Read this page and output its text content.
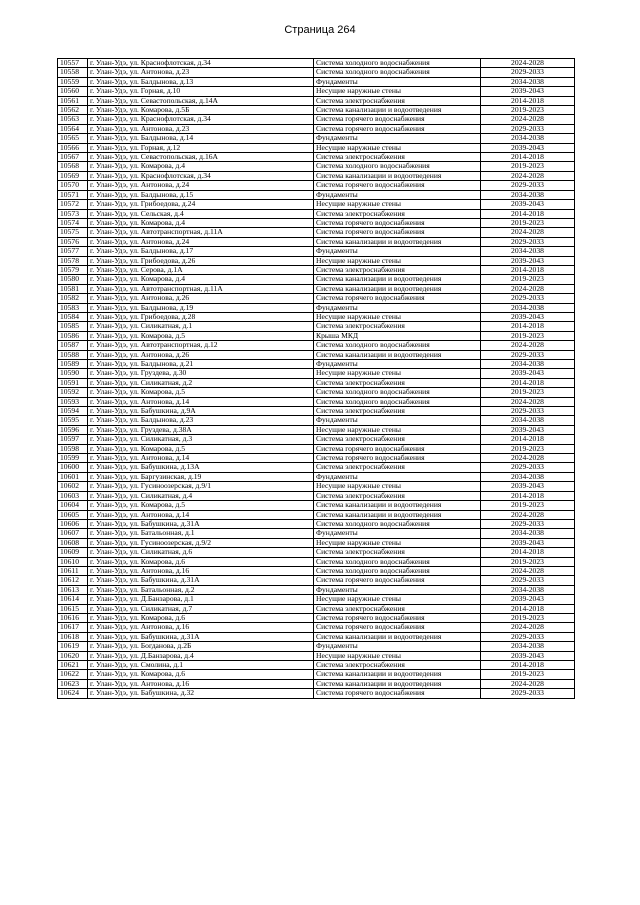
Страница 264
10557	г. Улан-Удэ, ул. Краснофлотская, д.34	Система холодного водоснабжения	2024-2028
10558	г. Улан-Удэ, ул. Антонова, д.23	Система холодного водоснабжения	2029-2033
10559	г. Улан-Удэ, ул. Балдынова, д.13	Фундаменты	2034-2038
10560	г. Улан-Удэ, ул. Горная, д.10	Несущие наружные стены	2039-2043
10561	г. Улан-Удэ, ул. Севастопольская, д.14А	Система электроснабжения	2014-2018
10562	г. Улан-Удэ, ул. Комарова, д.5Б	Система канализации и водоотведения	2019-2023
10563	г. Улан-Удэ, ул. Краснофлотская, д.34	Система горячего водоснабжения	2024-2028
10564	г. Улан-Удэ, ул. Антонова, д.23	Система горячего водоснабжения	2029-2033
10565	г. Улан-Удэ, ул. Балдынова, д.14	Фундаменты	2034-2038
10566	г. Улан-Удэ, ул. Горная, д.12	Несущие наружные стены	2039-2043
10567	г. Улан-Удэ, ул. Севастопольская, д.16А	Система электроснабжения	2014-2018
10568	г. Улан-Удэ, ул. Комарова, д.4	Система холодного водоснабжения	2019-2023
10569	г. Улан-Удэ, ул. Краснофлотская, д.34	Система канализации и водоотведения	2024-2028
10570	г. Улан-Удэ, ул. Антонова, д.24	Система горячего водоснабжения	2029-2033
10571	г. Улан-Удэ, ул. Балдынова, д.15	Фундаменты	2034-2038
10572	г. Улан-Удэ, ул. Грибоедова, д.24	Несущие наружные стены	2039-2043
10573	г. Улан-Удэ, ул. Сельская, д.4	Система электроснабжения	2014-2018
10574	г. Улан-Удэ, ул. Комарова, д.4	Система горячего водоснабжения	2019-2023
10575	г. Улан-Удэ, ул. Автотранспортная, д.11А	Система горячего водоснабжения	2024-2028
10576	г. Улан-Удэ, ул. Антонова, д.24	Система канализации и водоотведения	2029-2033
10577	г. Улан-Удэ, ул. Балдынова, д.17	Фундаменты	2034-2038
10578	г. Улан-Удэ, ул. Грибоедова, д.26	Несущие наружные стены	2039-2043
10579	г. Улан-Удэ, ул. Серова, д.1А	Система электроснабжения	2014-2018
10580	г. Улан-Удэ, ул. Комарова, д.4	Система канализации и водоотведения	2019-2023
10581	г. Улан-Удэ, ул. Автотранспортная, д.11А	Система канализации и водоотведения	2024-2028
10582	г. Улан-Удэ, ул. Антонова, д.26	Система горячего водоснабжения	2029-2033
10583	г. Улан-Удэ, ул. Балдынова, д.19	Фундаменты	2034-2038
10584	г. Улан-Удэ, ул. Грибоедова, д.28	Несущие наружные стены	2039-2043
10585	г. Улан-Удэ, ул. Силикатная, д.1	Система электроснабжения	2014-2018
10586	г. Улан-Удэ, ул. Комарова, д.5	Крыша МКД	2019-2023
10587	г. Улан-Удэ, ул. Автотранспортная, д.12	Система холодного водоснабжения	2024-2028
10588	г. Улан-Удэ, ул. Антонова, д.26	Система канализации и водоотведения	2029-2033
10589	г. Улан-Удэ, ул. Балдынова, д.21	Фундаменты	2034-2038
10590	г. Улан-Удэ, ул. Груздева, д.30	Несущие наружные стены	2039-2043
10591	г. Улан-Удэ, ул. Силикатная, д.2	Система электроснабжения	2014-2018
10592	г. Улан-Удэ, ул. Комарова, д.5	Система холодного водоснабжения	2019-2023
10593	г. Улан-Удэ, ул. Антонова, д.14	Система холодного водоснабжения	2024-2028
10594	г. Улан-Удэ, ул. Бабушкина, д.9А	Система электроснабжения	2029-2033
10595	г. Улан-Удэ, ул. Балдынова, д.23	Фундаменты	2034-2038
10596	г. Улан-Удэ, ул. Груздева, д.38А	Несущие наружные стены	2039-2043
10597	г. Улан-Удэ, ул. Силикатная, д.3	Система электроснабжения	2014-2018
10598	г. Улан-Удэ, ул. Комарова, д.5	Система горячего водоснабжения	2019-2023
10599	г. Улан-Удэ, ул. Антонова, д.14	Система горячего водоснабжения	2024-2028
10600	г. Улан-Удэ, ул. Бабушкина, д.13А	Система электроснабжения	2029-2033
10601	г. Улан-Удэ, ул. Баргузинская, д.19	Фундаменты	2034-2038
10602	г. Улан-Удэ, ул. Гусиноозерская, д.9/1	Несущие наружные стены	2039-2043
10603	г. Улан-Удэ, ул. Силикатная, д.4	Система электроснабжения	2014-2018
10604	г. Улан-Удэ, ул. Комарова, д.5	Система канализации и водоотведения	2019-2023
10605	г. Улан-Удэ, ул. Антонова, д.14	Система канализации и водоотведения	2024-2028
10606	г. Улан-Удэ, ул. Бабушкина, д.31А	Система холодного водоснабжения	2029-2033
10607	г. Улан-Удэ, ул. Батальонная, д.1	Фундаменты	2034-2038
10608	г. Улан-Удэ, ул. Гусиноозерская, д.9/2	Несущие наружные стены	2039-2043
10609	г. Улан-Удэ, ул. Силикатная, д.6	Система электроснабжения	2014-2018
10610	г. Улан-Удэ, ул. Комарова, д.6	Система холодного водоснабжения	2019-2023
10611	г. Улан-Удэ, ул. Антонова, д.16	Система холодного водоснабжения	2024-2028
10612	г. Улан-Удэ, ул. Бабушкина, д.31А	Система горячего водоснабжения	2029-2033
10613	г. Улан-Удэ, ул. Батальонная, д.2	Фундаменты	2034-2038
10614	г. Улан-Удэ, ул. Д.Банзарова, д.1	Несущие наружные стены	2039-2043
10615	г. Улан-Удэ, ул. Силикатная, д.7	Система электроснабжения	2014-2018
10616	г. Улан-Удэ, ул. Комарова, д.6	Система горячего водоснабжения	2019-2023
10617	г. Улан-Удэ, ул. Антонова, д.16	Система горячего водоснабжения	2024-2028
10618	г. Улан-Удэ, ул. Бабушкина, д.31А	Система канализации и водоотведения	2029-2033
10619	г. Улан-Удэ, ул. Богданова, д.2Б	Фундаменты	2034-2038
10620	г. Улан-Удэ, ул. Д.Банзарова, д.4	Несущие наружные стены	2039-2043
10621	г. Улан-Удэ, ул. Смолина, д.1	Система электроснабжения	2014-2018
10622	г. Улан-Удэ, ул. Комарова, д.6	Система канализации и водоотведения	2019-2023
10623	г. Улан-Удэ, ул. Антонова, д.16	Система канализации и водоотведения	2024-2028
10624	г. Улан-Удэ, ул. Бабушкина, д.32	Система горячего водоснабжения	2029-2033
